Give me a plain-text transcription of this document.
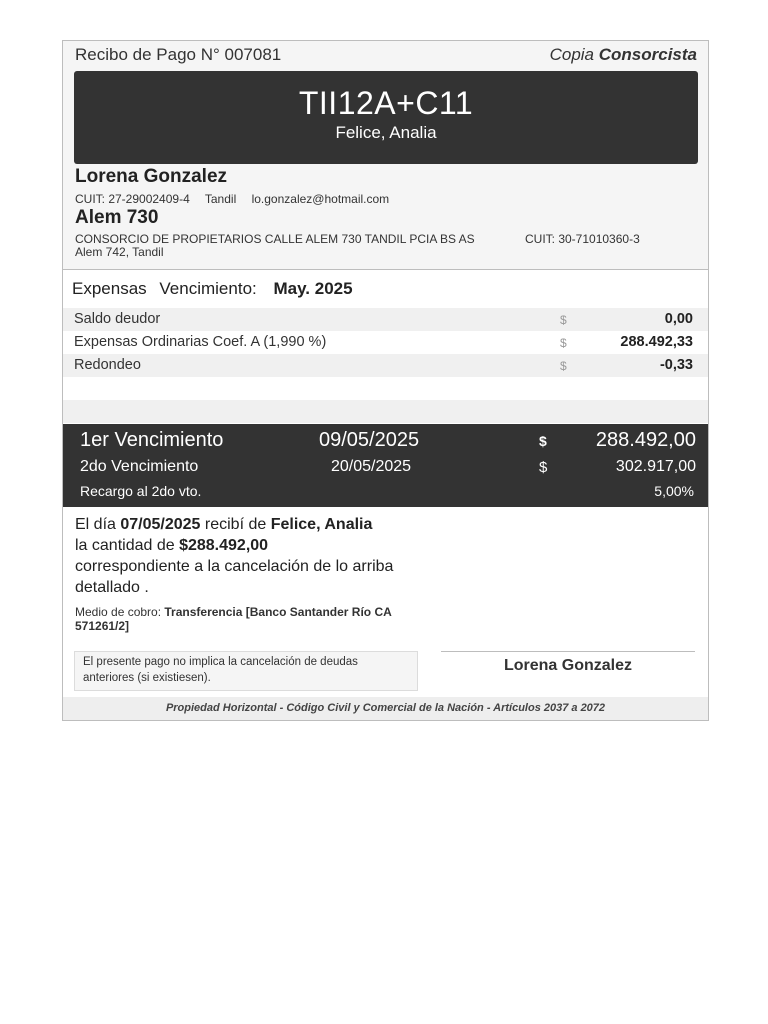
Recibo de Pago N° 007081	Copia Consorcista
TII12A+C11
Felice, Analia
Lorena Gonzalez
CUIT: 27-29002409-4 Tandil lo.gonzalez@hotmail.com
Alem 730
CONSORCIO DE PROPIETARIOS CALLE ALEM 730 TANDIL PCIA BS AS
Alem 742, Tandil
CUIT: 30-71010360-3
Expensas Vencimiento: May. 2025
Saldo deudor	$	0,00
Expensas Ordinarias Coef. A (1,990 %)	$	288.492,33
Redondeo	$	-0,33
1er Vencimiento	09/05/2025	$ 288.492,00
2do Vencimiento	20/05/2025	$	302.917,00
Recargo al 2do vto.	5,00%
El día 07/05/2025 recibí de Felice, Analia
la cantidad de $288.492,00
correspondiente a la cancelación de lo arriba detallado .
Medio de cobro: Transferencia [Banco Santander Río CA 571261/2]
El presente pago no implica la cancelación de deudas anteriores (si existiesen).
Lorena Gonzalez
Propiedad Horizontal - Código Civil y Comercial de la Nación - Artículos 2037 a 2072
